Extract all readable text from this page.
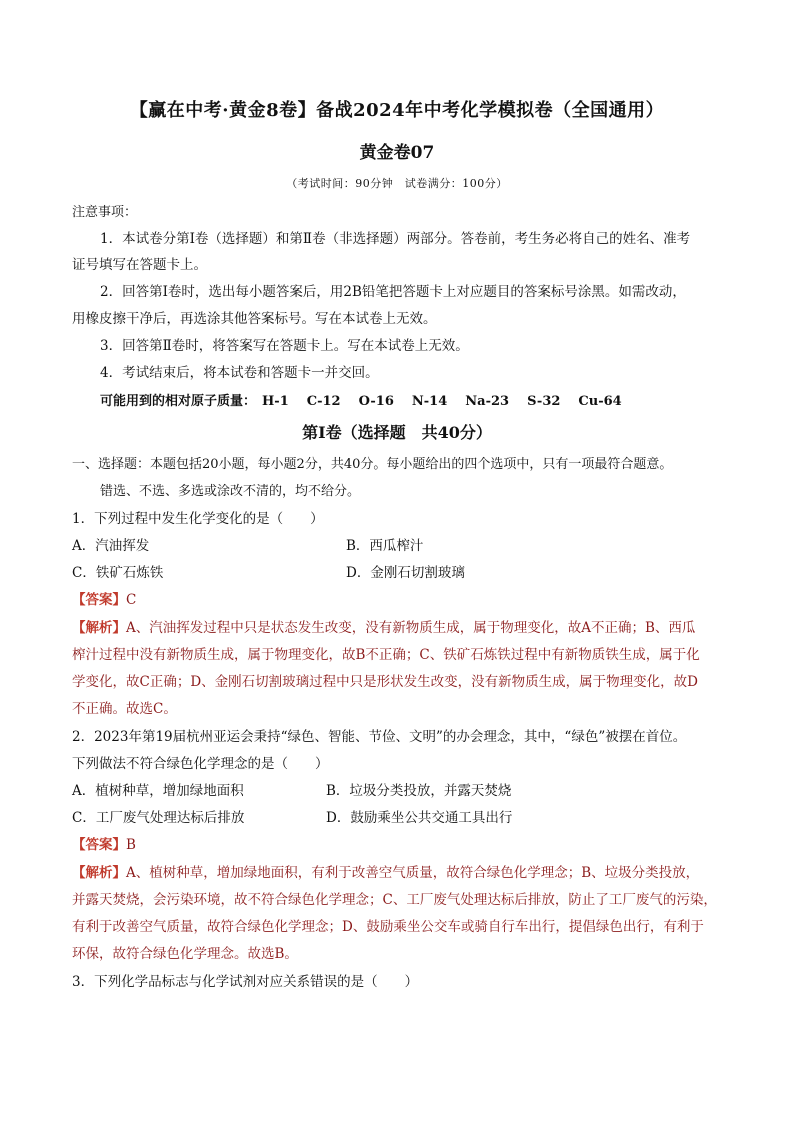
【赢在中考·黄金8卷】备战2024年中考化学模拟卷（全国通用）
黄金卷07
（考试时间：90分钟　试卷满分：100分）
注意事项：
1．本试卷分第Ⅰ卷（选择题）和第Ⅱ卷（非选择题）两部分。答卷前，考生务必将自己的姓名、准考
证号填写在答题卡上。
2．回答第Ⅰ卷时，选出每小题答案后，用2B铅笔把答题卡上对应题目的答案标号涂黑。如需改动，
用橡皮擦干净后，再选涂其他答案标号。写在本试卷上无效。
3．回答第Ⅱ卷时，将答案写在答题卡上。写在本试卷上无效。
4．考试结束后，将本试卷和答题卡一并交回。
可能用到的相对原子质量： H-1 C-12 O-16 N-14 Na-23 S-32 Cu-64
第Ⅰ卷（选择题　共40分）
一、选择题：本题包括20小题，每小题2分，共40分。每小题给出的四个选项中，只有一项最符合题意。
错选、不选、多选或涂改不清的，均不给分。
1．下列过程中发生化学变化的是（　　）
A．汽油挥发	B．西瓜榨汁
C．铁矿石炼铁	D．金刚石切割玻璃
【答案】C
【解析】A、汽油挥发过程中只是状态发生改变，没有新物质生成，属于物理变化，故A不正确；B、西瓜
榨汁过程中没有新物质生成，属于物理变化，故B不正确；C、铁矿石炼铁过程中有新物质铁生成，属于化
学变化，故C正确；D、金刚石切割玻璃过程中只是形状发生改变，没有新物质生成，属于物理变化，故D
不正确。故选C。
2．2023年第19届杭州亚运会秉持“绿色、智能、节俭、文明”的办会理念，其中，“绿色”被摆在首位。
下列做法不符合绿色化学理念的是（　　）
A．植树种草，增加绿地面积	B．垃圾分类投放，并露天焚烧
C．工厂废气处理达标后排放	D．鼓励乘坐公共交通工具出行
【答案】B
【解析】A、植树种草，增加绿地面积，有利于改善空气质量，故符合绿色化学理念；B、垃圾分类投放，
并露天焚烧，会污染环境，故不符合绿色化学理念；C、工厂废气处理达标后排放，防止了工厂废气的污染，
有利于改善空气质量，故符合绿色化学理念；D、鼓励乘坐公交车或骑自行车出行，提倡绿色出行，有利于
环保，故符合绿色化学理念。故选B。
3．下列化学品标志与化学试剂对应关系错误的是（　　）
